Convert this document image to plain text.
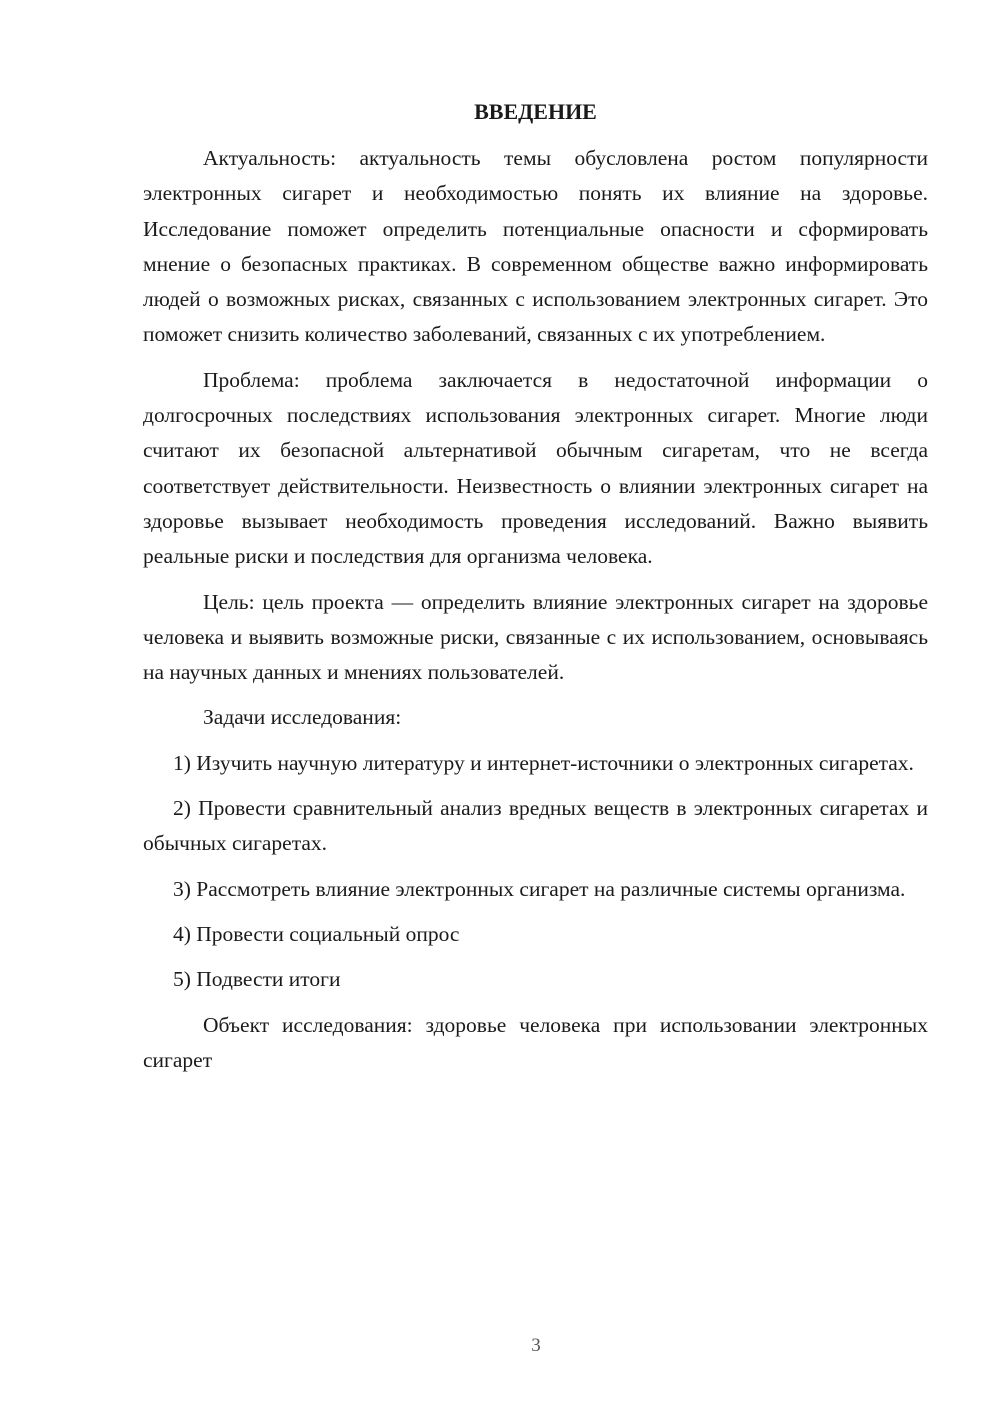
ВВЕДЕНИЕ

Актуальность: актуальность темы обусловлена ростом популярности электронных сигарет и необходимостью понять их влияние на здоровье. Исследование поможет определить потенциальные опасности и сформировать мнение о безопасных практиках. В современном обществе важно информировать людей о возможных рисках, связанных с использованием электронных сигарет. Это поможет снизить количество заболеваний, связанных с их употреблением.

Проблема: проблема заключается в недостаточной информации о долгосрочных последствиях использования электронных сигарет. Многие люди считают их безопасной альтернативой обычным сигаретам, что не всегда соответствует действительности. Неизвестность о влиянии электронных сигарет на здоровье вызывает необходимость проведения исследований. Важно выявить реальные риски и последствия для организма человека.

Цель: цель проекта — определить влияние электронных сигарет на здоровье человека и выявить возможные риски, связанные с их использованием, основываясь на научных данных и мнениях пользователей.

Задачи исследования:

1) Изучить научную литературу и интернет-источники о электронных сигаретах.

2) Провести сравнительный анализ вредных веществ в электронных сигаретах и обычных сигаретах.

3) Рассмотреть влияние электронных сигарет на различные системы организма.

4) Провести социальный опрос

5) Подвести итоги

Объект исследования: здоровье человека при использовании электронных сигарет

3
